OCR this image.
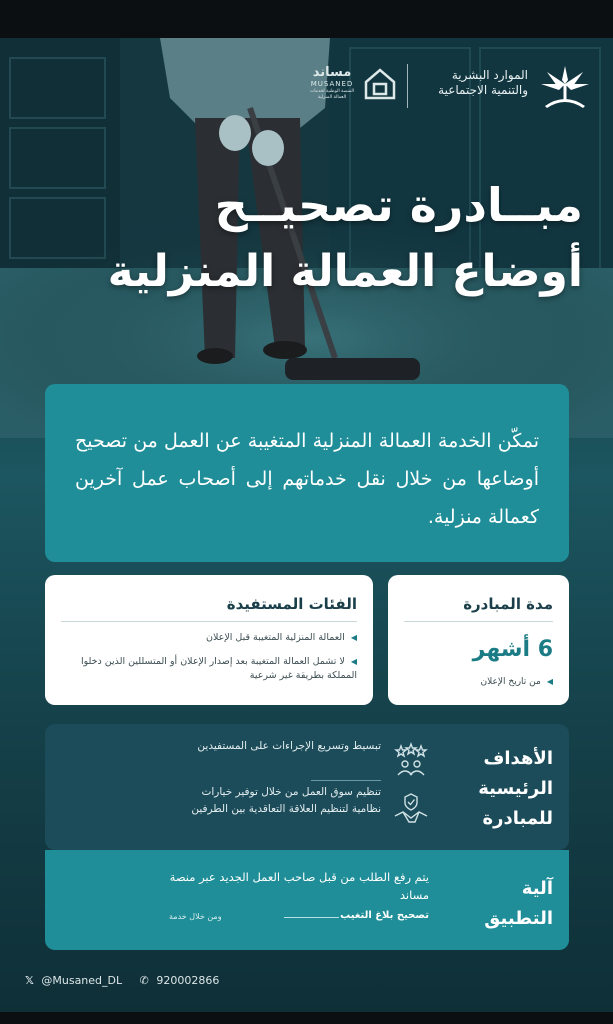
الموارد البشرية والتنمية الاجتماعية
مساند
MUSANED
المنصة الوطنية لخدمات العمالة المنزلية
مبــادرة تصحيــح
أوضاع العمالة المنزلية
تمكّن الخدمة العمالة المنزلية المتغيبة عن العمل من تصحيح أوضاعها من خلال نقل خدماتهم إلى أصحاب عمل آخرين كعمالة منزلية.
مدة المبادرة
6 أشهر
◀من تاريخ الإعلان
الفئات المستفيدة
◀العمالة المنزلية المتغيبة قبل الإعلان
◀لا تشمل العمالة المتغيبة بعد إصدار الإعلان أو المتسللين الذين دخلوا المملكة بطريقة غير شرعية
الأهداف الرئيسية للمبادرة
تبسيط وتسريع الإجراءات على المستفيدين
تنظيم سوق العمل من خلال توفير خيارات نظامية لتنظيم العلاقة التعاقدية بين الطرفين
آلية التطبيق
يتم رفع الطلب من قبل صاحب العمل الجديد عبر منصة مساند
تصحيح بلاغ التغيب
ومن خلال خدمة
𝕏 @Musaned_DL ✆ 920002866
